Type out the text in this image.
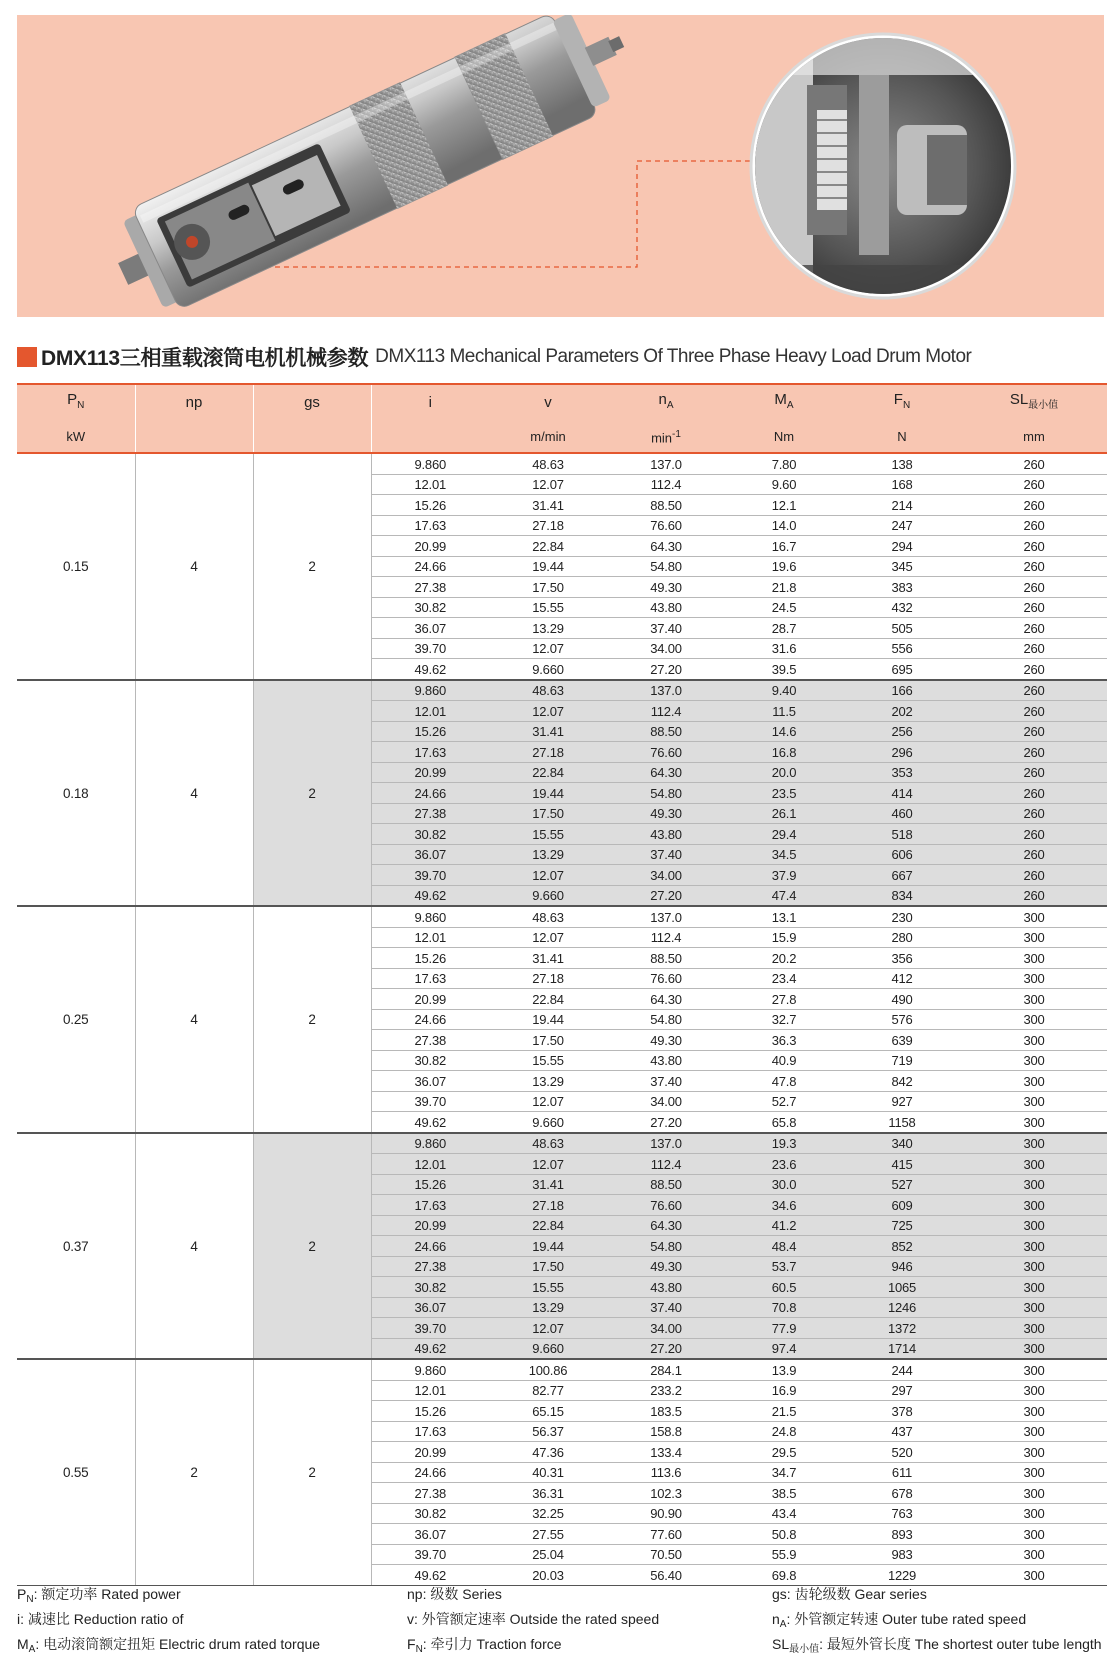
DMX113三相重载滚筒电机机械参数 DMX113 Mechanical Parameters Of Three Phase Heavy Load Drum Motor
$P_N$	np	gs	i	v	$n_A$	$M_A$	$F_N$	$SL_{最小值}$
kW				m/min	$\min^{-1}$	Nm	N	mm
0.15	4	2	9.860	48.63	137.0	7.80	138	260
			12.01	12.07	112.4	9.60	168	260
			15.26	31.41	88.50	12.1	214	260
			17.63	27.18	76.60	14.0	247	260
			20.99	22.84	64.30	16.7	294	260
			24.66	19.44	54.80	19.6	345	260
			27.38	17.50	49.30	21.8	383	260
			30.82	15.55	43.80	24.5	432	260
			36.07	13.29	37.40	28.7	505	260
			39.70	12.07	34.00	31.6	556	260
			49.62	9.660	27.20	39.5	695	260
0.18	4	2	9.860	48.63	137.0	9.40	166	260
			12.01	12.07	112.4	11.5	202	260
			15.26	31.41	88.50	14.6	256	260
			17.63	27.18	76.60	16.8	296	260
			20.99	22.84	64.30	20.0	353	260
			24.66	19.44	54.80	23.5	414	260
			27.38	17.50	49.30	26.1	460	260
			30.82	15.55	43.80	29.4	518	260
			36.07	13.29	37.40	34.5	606	260
			39.70	12.07	34.00	37.9	667	260
			49.62	9.660	27.20	47.4	834	260
0.25	4	2	9.860	48.63	137.0	13.1	230	300
			12.01	12.07	112.4	15.9	280	300
			15.26	31.41	88.50	20.2	356	300
			17.63	27.18	76.60	23.4	412	300
			20.99	22.84	64.30	27.8	490	300
			24.66	19.44	54.80	32.7	576	300
			27.38	17.50	49.30	36.3	639	300
			30.82	15.55	43.80	40.9	719	300
			36.07	13.29	37.40	47.8	842	300
			39.70	12.07	34.00	52.7	927	300
			49.62	9.660	27.20	65.8	1158	300
0.37	4	2	9.860	48.63	137.0	19.3	340	300
			12.01	12.07	112.4	23.6	415	300
			15.26	31.41	88.50	30.0	527	300
			17.63	27.18	76.60	34.6	609	300
			20.99	22.84	64.30	41.2	725	300
			24.66	19.44	54.80	48.4	852	300
			27.38	17.50	49.30	53.7	946	300
			30.82	15.55	43.80	60.5	1065	300
			36.07	13.29	37.40	70.8	1246	300
			39.70	12.07	34.00	77.9	1372	300
			49.62	9.660	27.20	97.4	1714	300
0.55	2	2	9.860	100.86	284.1	13.9	244	300
			12.01	82.77	233.2	16.9	297	300
			15.26	65.15	183.5	21.5	378	300
			17.63	56.37	158.8	24.8	437	300
			20.99	47.36	133.4	29.5	520	300
			24.66	40.31	113.6	34.7	611	300
			27.38	36.31	102.3	38.5	678	300
			30.82	32.25	90.90	43.4	763	300
			36.07	27.55	77.60	50.8	893	300
			39.70	25.04	70.50	55.9	983	300
			49.62	20.03	56.40	69.8	1229	300
$P_N$: 额定功率 Rated power	np: 级数 Series	gs: 齿轮级数 Gear series
i: 减速比 Reduction ratio of	v: 外管额定速率 Outside the rated speed	$n_A$: 外管额定转速 Outer tube rated speed
$M_A$: 电动滚筒额定扭矩 Electric drum rated torque	$F_N$: 牵引力 Traction force	$SL_{最小值}$: 最短外管长度 The shortest outer tube length
